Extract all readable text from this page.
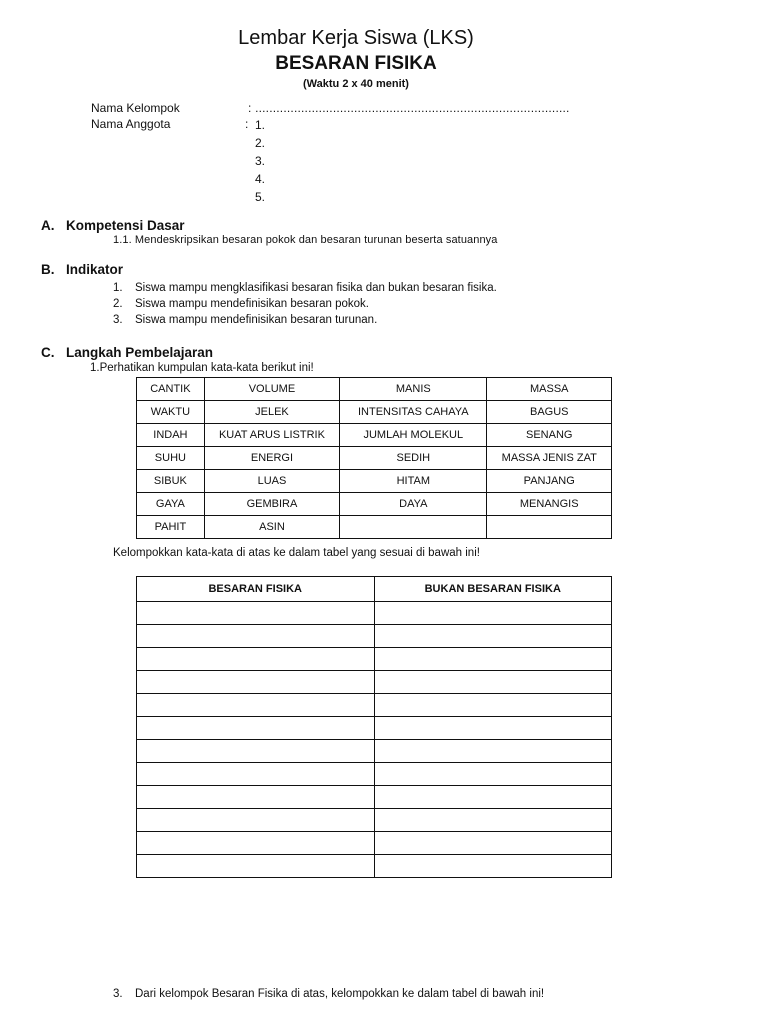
Lembar Kerja Siswa (LKS)
BESARAN FISIKA
(Waktu 2 x 40 menit)
Nama Kelompok	: .........................................................................................
Nama Anggota	: 1.
2.
3.
4.
5.
A. Kompetensi Dasar
1.1. Mendeskripsikan besaran pokok dan besaran turunan beserta satuannya
B. Indikator
1. Siswa mampu mengklasifikasi besaran fisika dan bukan besaran fisika.
2. Siswa mampu mendefinisikan besaran pokok.
3. Siswa mampu mendefinisikan besaran turunan.
C. Langkah Pembelajaran
1.Perhatikan kumpulan kata-kata berikut ini!
CANTIK	VOLUME	MANIS	MASSA
WAKTU	JELEK	INTENSITAS CAHAYA	BAGUS
INDAH	KUAT ARUS LISTRIK	JUMLAH MOLEKUL	SENANG
SUHU	ENERGI	SEDIH	MASSA JENIS ZAT
SIBUK	LUAS	HITAM	PANJANG
GAYA	GEMBIRA	DAYA	MENANGIS
PAHIT	ASIN		
Kelompokkan kata-kata di atas ke dalam tabel yang sesuai di bawah ini!
BESARAN FISIKA	BUKAN BESARAN FISIKA

3. Dari kelompok Besaran Fisika di atas, kelompokkan ke dalam tabel di bawah ini!
